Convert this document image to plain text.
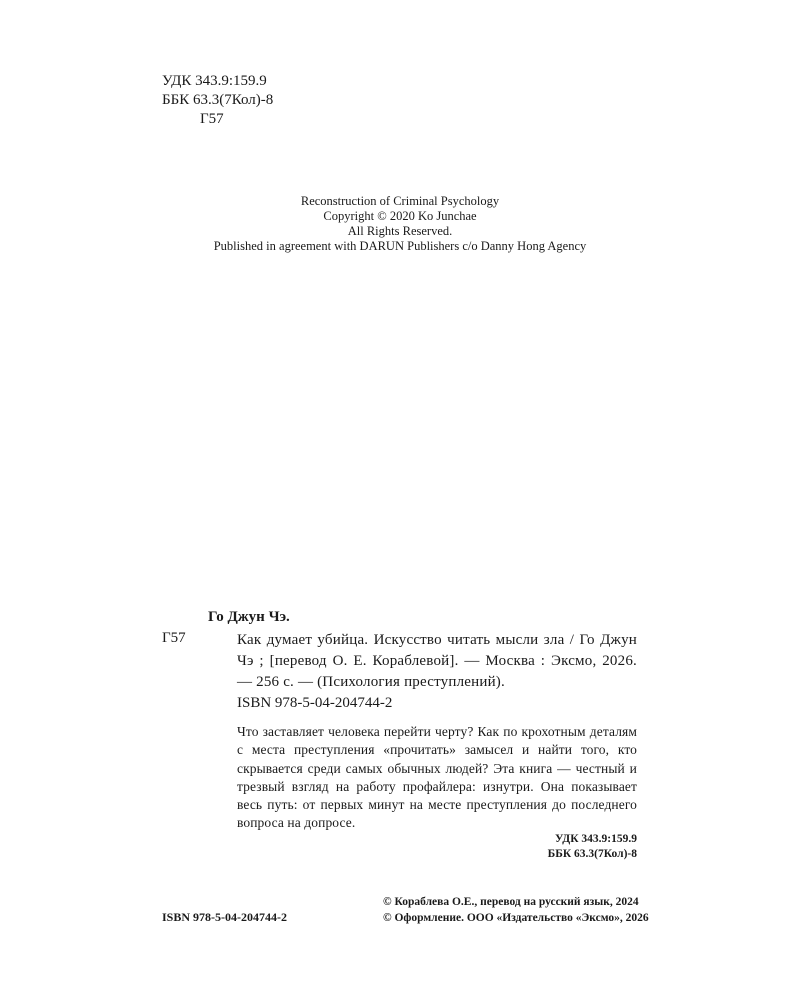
УДК 343.9:159.9
ББК 63.3(7Кол)-8
Г57
Reconstruction of Criminal Psychology
Copyright © 2020 Ko Junchae
All Rights Reserved.
Published in agreement with DARUN Publishers c/o Danny Hong Agency
Го Джун Чэ.
Г57	Как думает убийца. Искусство читать мысли зла / Го Джун Чэ ; [перевод О. Е. Кораблевой]. — Москва : Эксмо, 2026. — 256 с. — (Психология преступлений).
ISBN 978-5-04-204744-2
Что заставляет человека перейти черту? Как по крохотным деталям с места преступления «прочитать» замысел и найти того, кто скрывается среди самых обычных людей? Эта книга — честный и трезвый взгляд на работу профайлера: изнутри. Она показывает весь путь: от первых минут на месте преступления до последнего вопроса на допросе.
УДК 343.9:159.9
ББК 63.3(7Кол)-8
ISBN 978-5-04-204744-2
© Кораблева О.Е., перевод на русский язык, 2024
© Оформление. ООО «Издательство «Эксмо», 2026
